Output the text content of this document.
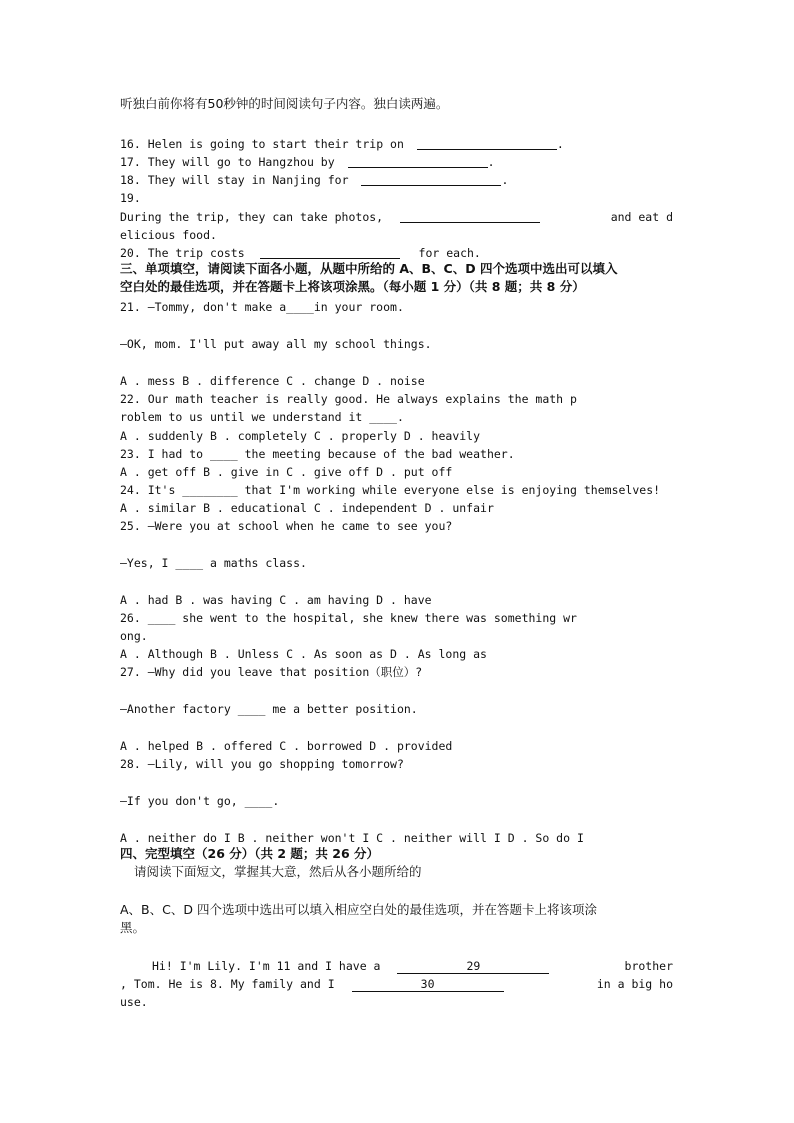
听独白前你将有50秒钟的时间阅读句子内容。独白读两遍。
16. Helen is going to start their trip on	.
17. They will go to Hangzhou by	.
18. They will stay in Nanjing for	.
19.
During the trip, they can take photos,	and eat d
elicious food.
20. The trip costs	for each.
三、单项填空，请阅读下面各小题，从题中所给的 A、B、C、D 四个选项中选出可以填入
空白处的最佳选项，并在答题卡上将该项涂黑。（每小题 1 分）（共 8 题；共 8 分）
21. —Tommy, don't make a____in your room.
—OK, mom. I'll put away all my school things.
A . mess B . difference C . change D . noise
22. Our math teacher is really good. He always explains the math p
roblem to us until we understand it ____.
A . suddenly B . completely C . properly D . heavily
23. I had to ____ the meeting because of the bad weather.
A . get off B . give in C . give off D . put off
24. It's ________ that I'm working while everyone else is enjoying themselves!
A . similar B . educational C . independent D . unfair
25. —Were you at school when he came to see you?
—Yes, I ____ a maths class.
A . had B . was having C . am having D . have
26. ____ she went to the hospital, she knew there was something wr
ong.
A . Although B . Unless C . As soon as D . As long as
27. —Why did you leave that position（职位）?
—Another factory ____ me a better position.
A . helped B . offered C . borrowed D . provided
28. —Lily, will you go shopping tomorrow?
—If you don't go, ____.
A . neither do I B . neither won't I C . neither will I D . So do I
四、完型填空（26 分）（共 2 题；共 26 分）
请阅读下面短文，掌握其大意，然后从各小题所给的
A、B、C、D 四个选项中选出可以填入相应空白处的最佳选项，并在答题卡上将该项涂
黑。
Hi! I'm Lily. I'm 11 and I have a	29	brother
, Tom. He is 8. My family and I	30	in a big ho
use.
